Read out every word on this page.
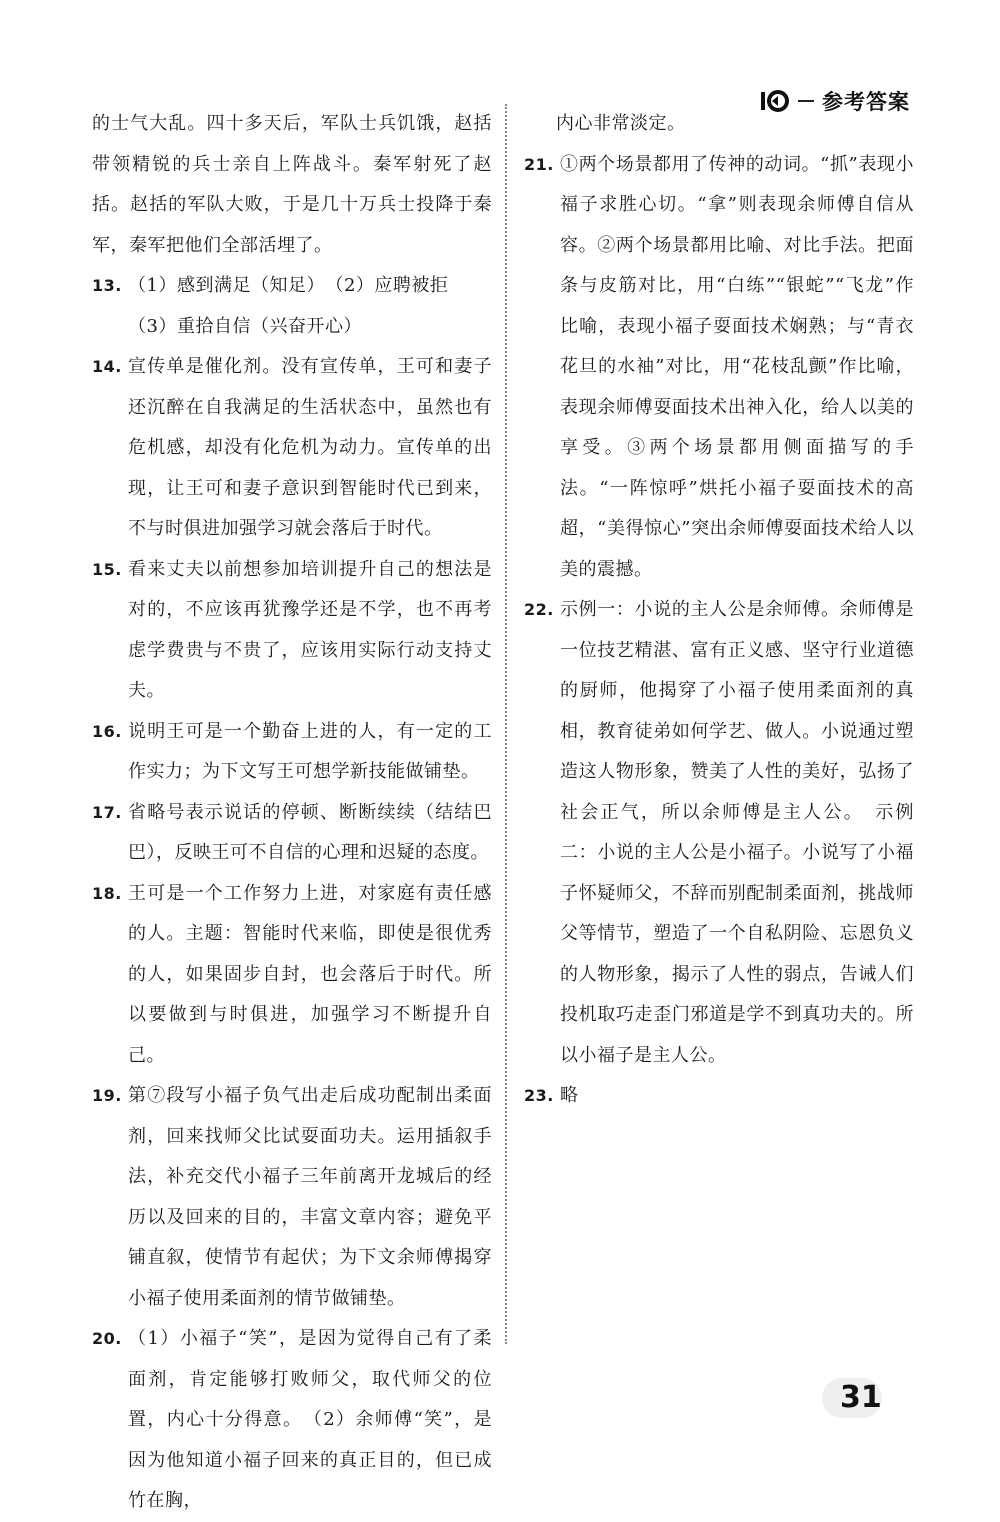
参考答案
的士气大乱。四十多天后，军队士兵饥饿，赵括带领精锐的兵士亲自上阵战斗。秦军射死了赵括。赵括的军队大败，于是几十万兵士投降于秦军，秦军把他们全部活埋了。
13. （1）感到满足（知足）　（2）应聘被拒
（3）重拾自信（兴奋开心）
14. 宣传单是催化剂。没有宣传单，王可和妻子还沉醉在自我满足的生活状态中，虽然也有危机感，却没有化危机为动力。宣传单的出现，让王可和妻子意识到智能时代已到来，不与时俱进加强学习就会落后于时代。
15. 看来丈夫以前想参加培训提升自己的想法是对的，不应该再犹豫学还是不学，也不再考虑学费贵与不贵了，应该用实际行动支持丈夫。
16. 说明王可是一个勤奋上进的人，有一定的工作实力；为下文写王可想学新技能做铺垫。
17. 省略号表示说话的停顿、断断续续（结结巴巴），反映王可不自信的心理和迟疑的态度。
18. 王可是一个工作努力上进，对家庭有责任感的人。主题：智能时代来临，即使是很优秀的人，如果固步自封，也会落后于时代。所以要做到与时俱进，加强学习不断提升自己。
19. 第⑦段写小福子负气出走后成功配制出柔面剂，回来找师父比试耍面功夫。运用插叙手法，补充交代小福子三年前离开龙城后的经历以及回来的目的，丰富文章内容；避免平铺直叙，使情节有起伏；为下文余师傅揭穿小福子使用柔面剂的情节做铺垫。
20. （1）小福子“笑”，是因为觉得自己有了柔面剂，肯定能够打败师父，取代师父的位置，内心十分得意。　（2）余师傅“笑”，是因为他知道小福子回来的真正目的，但已成竹在胸，
内心非常淡定。
21. ①两个场景都用了传神的动词。“抓”表现小福子求胜心切。“拿”则表现余师傅自信从容。②两个场景都用比喻、对比手法。把面条与皮筋对比，用“白练”“银蛇”“飞龙”作比喻，表现小福子耍面技术娴熟；与“青衣花旦的水袖”对比，用“花枝乱颤”作比喻，表现余师傅耍面技术出神入化，给人以美的享受。③两个场景都用侧面描写的手法。“一阵惊呼”烘托小福子耍面技术的高超，“美得惊心”突出余师傅耍面技术给人以美的震撼。
22. 示例一：小说的主人公是余师傅。余师傅是一位技艺精湛、富有正义感、坚守行业道德的厨师，他揭穿了小福子使用柔面剂的真相，教育徒弟如何学艺、做人。小说通过塑造这人物形象，赞美了人性的美好，弘扬了社会正气，所以余师傅是主人公。　示例二：小说的主人公是小福子。小说写了小福子怀疑师父，不辞而别配制柔面剂，挑战师父等情节，塑造了一个自私阴险、忘恩负义的人物形象，揭示了人性的弱点，告诫人们投机取巧走歪门邪道是学不到真功夫的。所以小福子是主人公。
23. 略
31
